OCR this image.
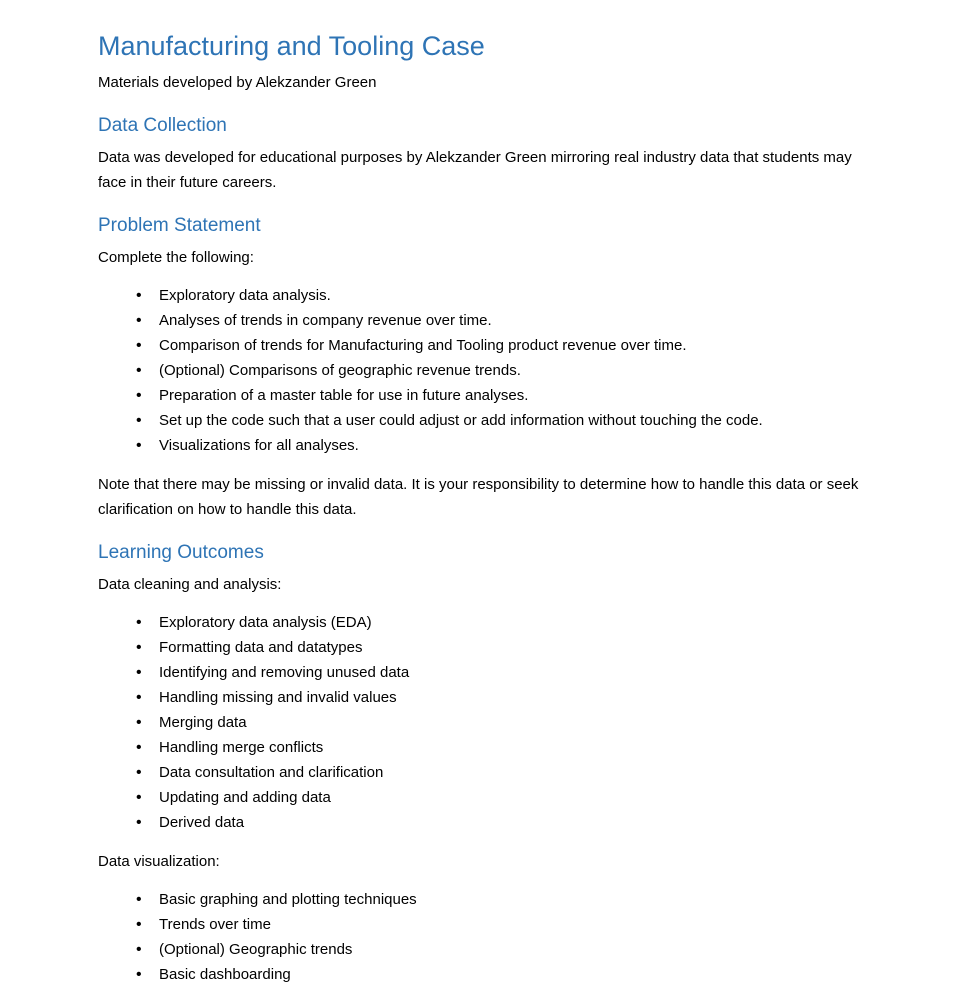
Manufacturing and Tooling Case

Materials developed by Alekzander Green

Data Collection

Data was developed for educational purposes by Alekzander Green mirroring real industry data that students may face in their future careers.

Problem Statement

Complete the following:

• Exploratory data analysis.
• Analyses of trends in company revenue over time.
• Comparison of trends for Manufacturing and Tooling product revenue over time.
• (Optional) Comparisons of geographic revenue trends.
• Preparation of a master table for use in future analyses.
• Set up the code such that a user could adjust or add information without touching the code.
• Visualizations for all analyses.

Note that there may be missing or invalid data. It is your responsibility to determine how to handle this data or seek clarification on how to handle this data.

Learning Outcomes

Data cleaning and analysis:

• Exploratory data analysis (EDA)
• Formatting data and datatypes
• Identifying and removing unused data
• Handling missing and invalid values
• Merging data
• Handling merge conflicts
• Data consultation and clarification
• Updating and adding data
• Derived data

Data visualization:

• Basic graphing and plotting techniques
• Trends over time
• (Optional) Geographic trends
• Basic dashboarding
